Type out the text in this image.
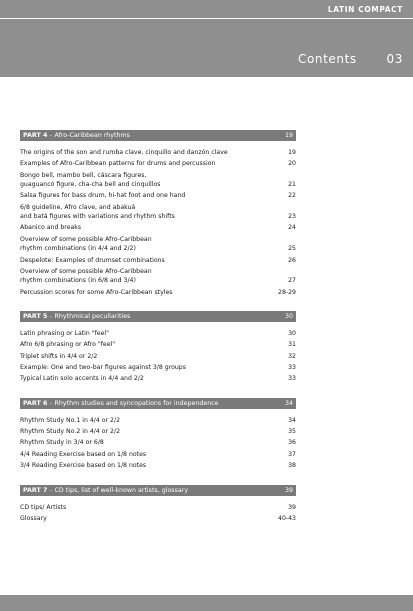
LATIN COMPACT
Contents 03
PART 4 – Afro-Caribbean rhythms	19
The origins of the son and rumba clave, cinquillo and danzón clave	19
Examples of Afro-Caribbean patterns for drums and percussion	20
Bongo bell, mambo bell, cáscara figures,
guaguancó figure, cha-cha bell and cinquillos	21
Salsa figures for bass drum, hi-hat foot and one hand	22
6/8 guideline, Afro clave, and abakuá
and batá figures with variations and rhythm shifts	23
Abanico and breaks	24
Overview of some possible Afro-Caribbean
rhythm combinations (in 4/4 and 2/2)	25
Despelote: Examples of drumset combinations	26
Overview of some possible Afro-Caribbean
rhythm combinations (in 6/8 and 3/4)	27
Percussion scores for some Afro-Caribbean styles	28-29
PART 5 – Rhythmical peculiarities	30
Latin phrasing or Latin "feel"	30
Afro 6/8 phrasing or Afro "feel"	31
Triplet shifts in 4/4 or 2/2	32
Example: One and two-bar figures against 3/8 groups	33
Typical Latin solo accents in 4/4 and 2/2	33
PART 6 – Rhythm studies and syncopations for independence	34
Rhythm Study No.1 in 4/4 or 2/2	34
Rhythm Study No.2 in 4/4 or 2/2	35
Rhythm Study in 3/4 or 6/8	36
4/4 Reading Exercise based on 1/8 notes	37
3/4 Reading Exercise based on 1/8 notes	38
PART 7 – CD tips, list of well-known artists, glossary	39
CD tips/ Artists	39
Glossary	40-43
